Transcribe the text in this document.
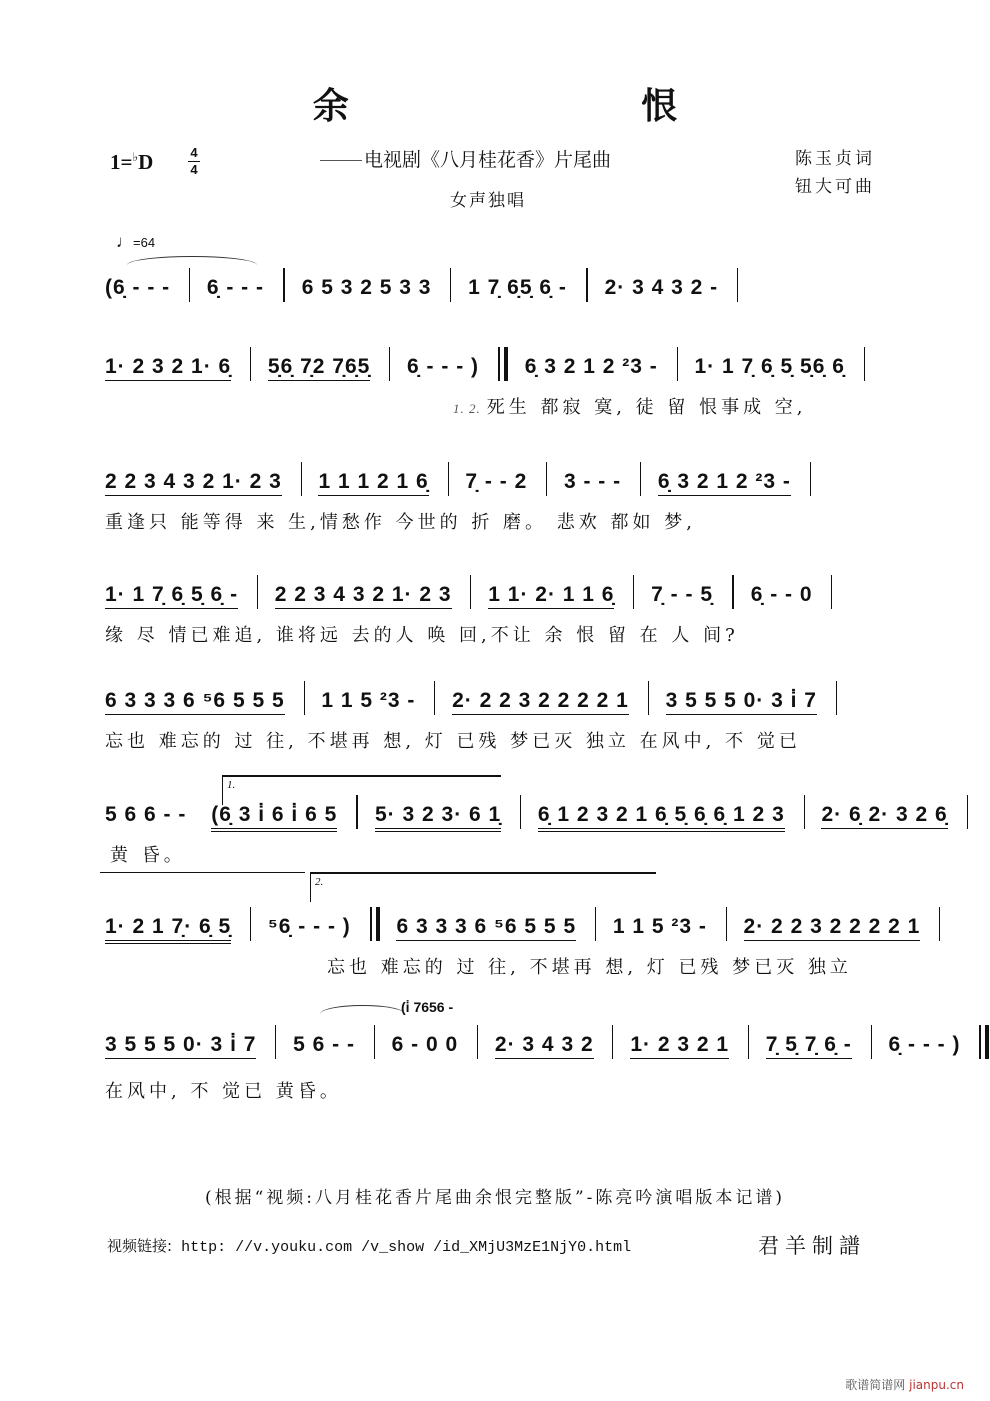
余 恨
1=♭D	4
4	电视剧《八月桂花香》片尾曲
女声独唱
陈玉贞词
钮大可曲
♩=64
(6̣ - - - 6̣ - - - 6 5 3 2 5 3 3 1 7̣ 6̣5̣ 6̣ - 2· 3 4 3 2 -
1· 2 3 2 1· 6̣ 5̣6̣ 7̣2 7̣6̣5̣ 6̣ - - - ) 6̣ 3 2 1 2 ²3 - 1· 1 7̣ 6̣ 5̣ 5̣6̣ 6̣
1. 2. 死生 都寂 寞, 徒 留 恨事成 空,
2 2 3 4 3 2 1· 2 3 1 1 1 2 1 6̣ 7̣ - - 2 3 - - - 6̣ 3 2 1 2 ²3 -
重逢只 能等得 来 生,情愁作 今世的 折 磨。 悲欢 都如 梦,
1· 1 7̣ 6̣ 5̣ 6̣ - 2 2 3 4 3 2 1· 2 3 1 1· 2· 1 1 6̣ 7̣ - - 5̣ 6̣ - - 0
缘 尽 情已难追, 谁将远 去的人 唤 回,不让 余 恨 留 在 人 间?
6 3 3 3 6 ⁵6 5 5 5 1 1 5 ²3 - 2· 2 2 3 2 2 2 2 1 3 5 5 5 0· 3 i̇ 7
忘也 难忘的 过 往, 不堪再 想, 灯 已残 梦已灭 独立 在风中, 不 觉已
1.
5 6 6 - - (6̣ 3 i̇ 6 i̇ 6 5 5· 3 2 3· 6 1̣ 6̣ 1 2 3 2 1 6̣ 5̣ 6̣ 6̣ 1 2 3 2· 6̣ 2· 3 2 6̣
黄 昏。
2.
1· 2 1 7̣· 6̣ 5̣ ⁵6̣ - - - ) 6 3 3 3 6 ⁵6 5 5 5 1 1 5 ²3 - 2· 2 2 3 2 2 2 2 1
忘也 难忘的 过 往, 不堪再 想, 灯 已残 梦已灭 独立
(i̇ 7656 -
3 5 5 5 0· 3 i̇ 7 5 6 - - 6 - 0 0 2· 3 4 3 2 1· 2 3 2 1 7̣ 5̣ 7̣ 6̣ - 6̣ - - - )
在风中, 不 觉已 黄昏。
(根据“视频:八月桂花香片尾曲余恨完整版”-陈亮吟演唱版本记谱)
视频链接: http: //v.youku.com /v_show /id_XMjU3MzE1NjY0.html	君羊制譜
歌谱简谱网 jianpu.cn
